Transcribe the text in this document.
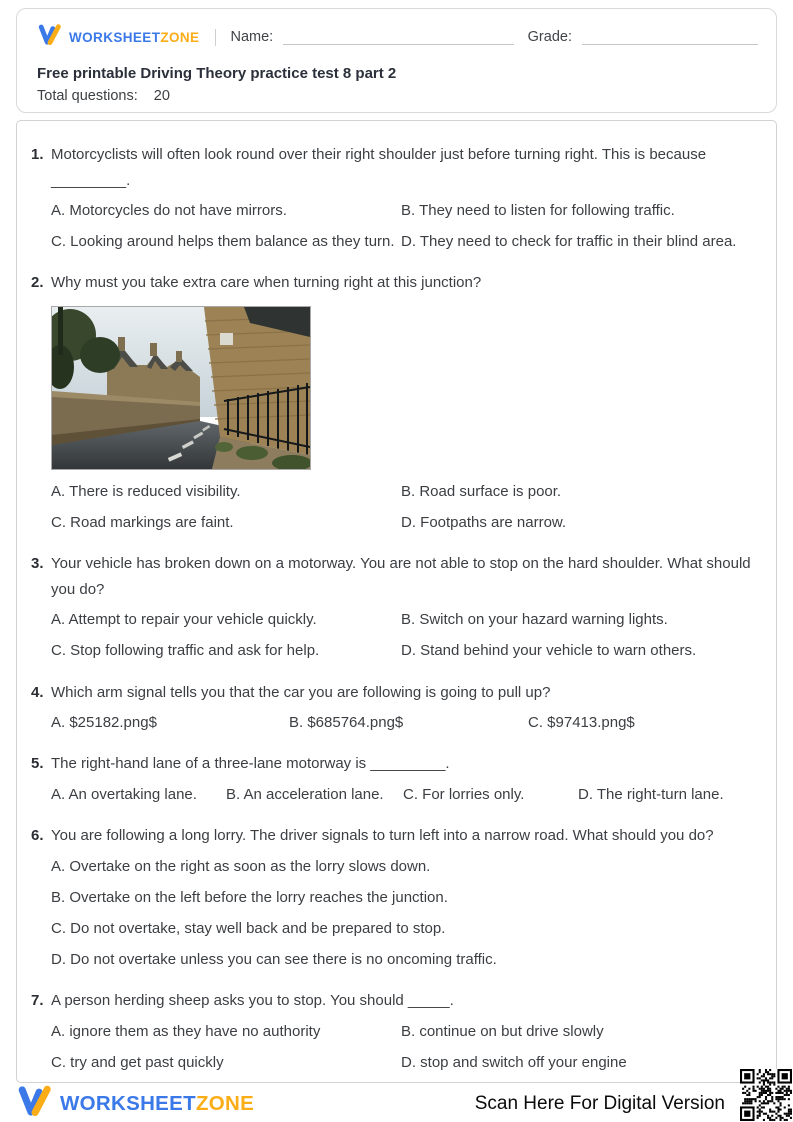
WORKSHEETZONE Name:	Grade:
Free printable Driving Theory practice test 8 part 2
Total questions: 20
1. Motorcyclists will often look round over their right shoulder just before turning right. This is because _________.
A. Motorcycles do not have mirrors.	B. They need to listen for following traffic.
C. Looking around helps them balance as they turn. D. They need to check for traffic in their blind area.
2. Why must you take extra care when turning right at this junction?
A. There is reduced visibility.	B. Road surface is poor.
C. Road markings are faint.	D. Footpaths are narrow.
3. Your vehicle has broken down on a motorway. You are not able to stop on the hard shoulder. What should you do?
A. Attempt to repair your vehicle quickly.	B. Switch on your hazard warning lights.
C. Stop following traffic and ask for help.	D. Stand behind your vehicle to warn others.
4. Which arm signal tells you that the car you are following is going to pull up?
A. $25182.png$	B. $685764.png$	C. $97413.png$
5. The right-hand lane of a three-lane motorway is _________.
A. An overtaking lane.	B. An acceleration lane.	C. For lorries only.	D. The right-turn lane.
6. You are following a long lorry. The driver signals to turn left into a narrow road. What should you do?
A. Overtake on the right as soon as the lorry slows down.
B. Overtake on the left before the lorry reaches the junction.
C. Do not overtake, stay well back and be prepared to stop.
D. Do not overtake unless you can see there is no oncoming traffic.
7. A person herding sheep asks you to stop. You should _____.
A. ignore them as they have no authority	B. continue on but drive slowly
C. try and get past quickly	D. stop and switch off your engine
WORKSHEETZONE	Scan Here For Digital Version
